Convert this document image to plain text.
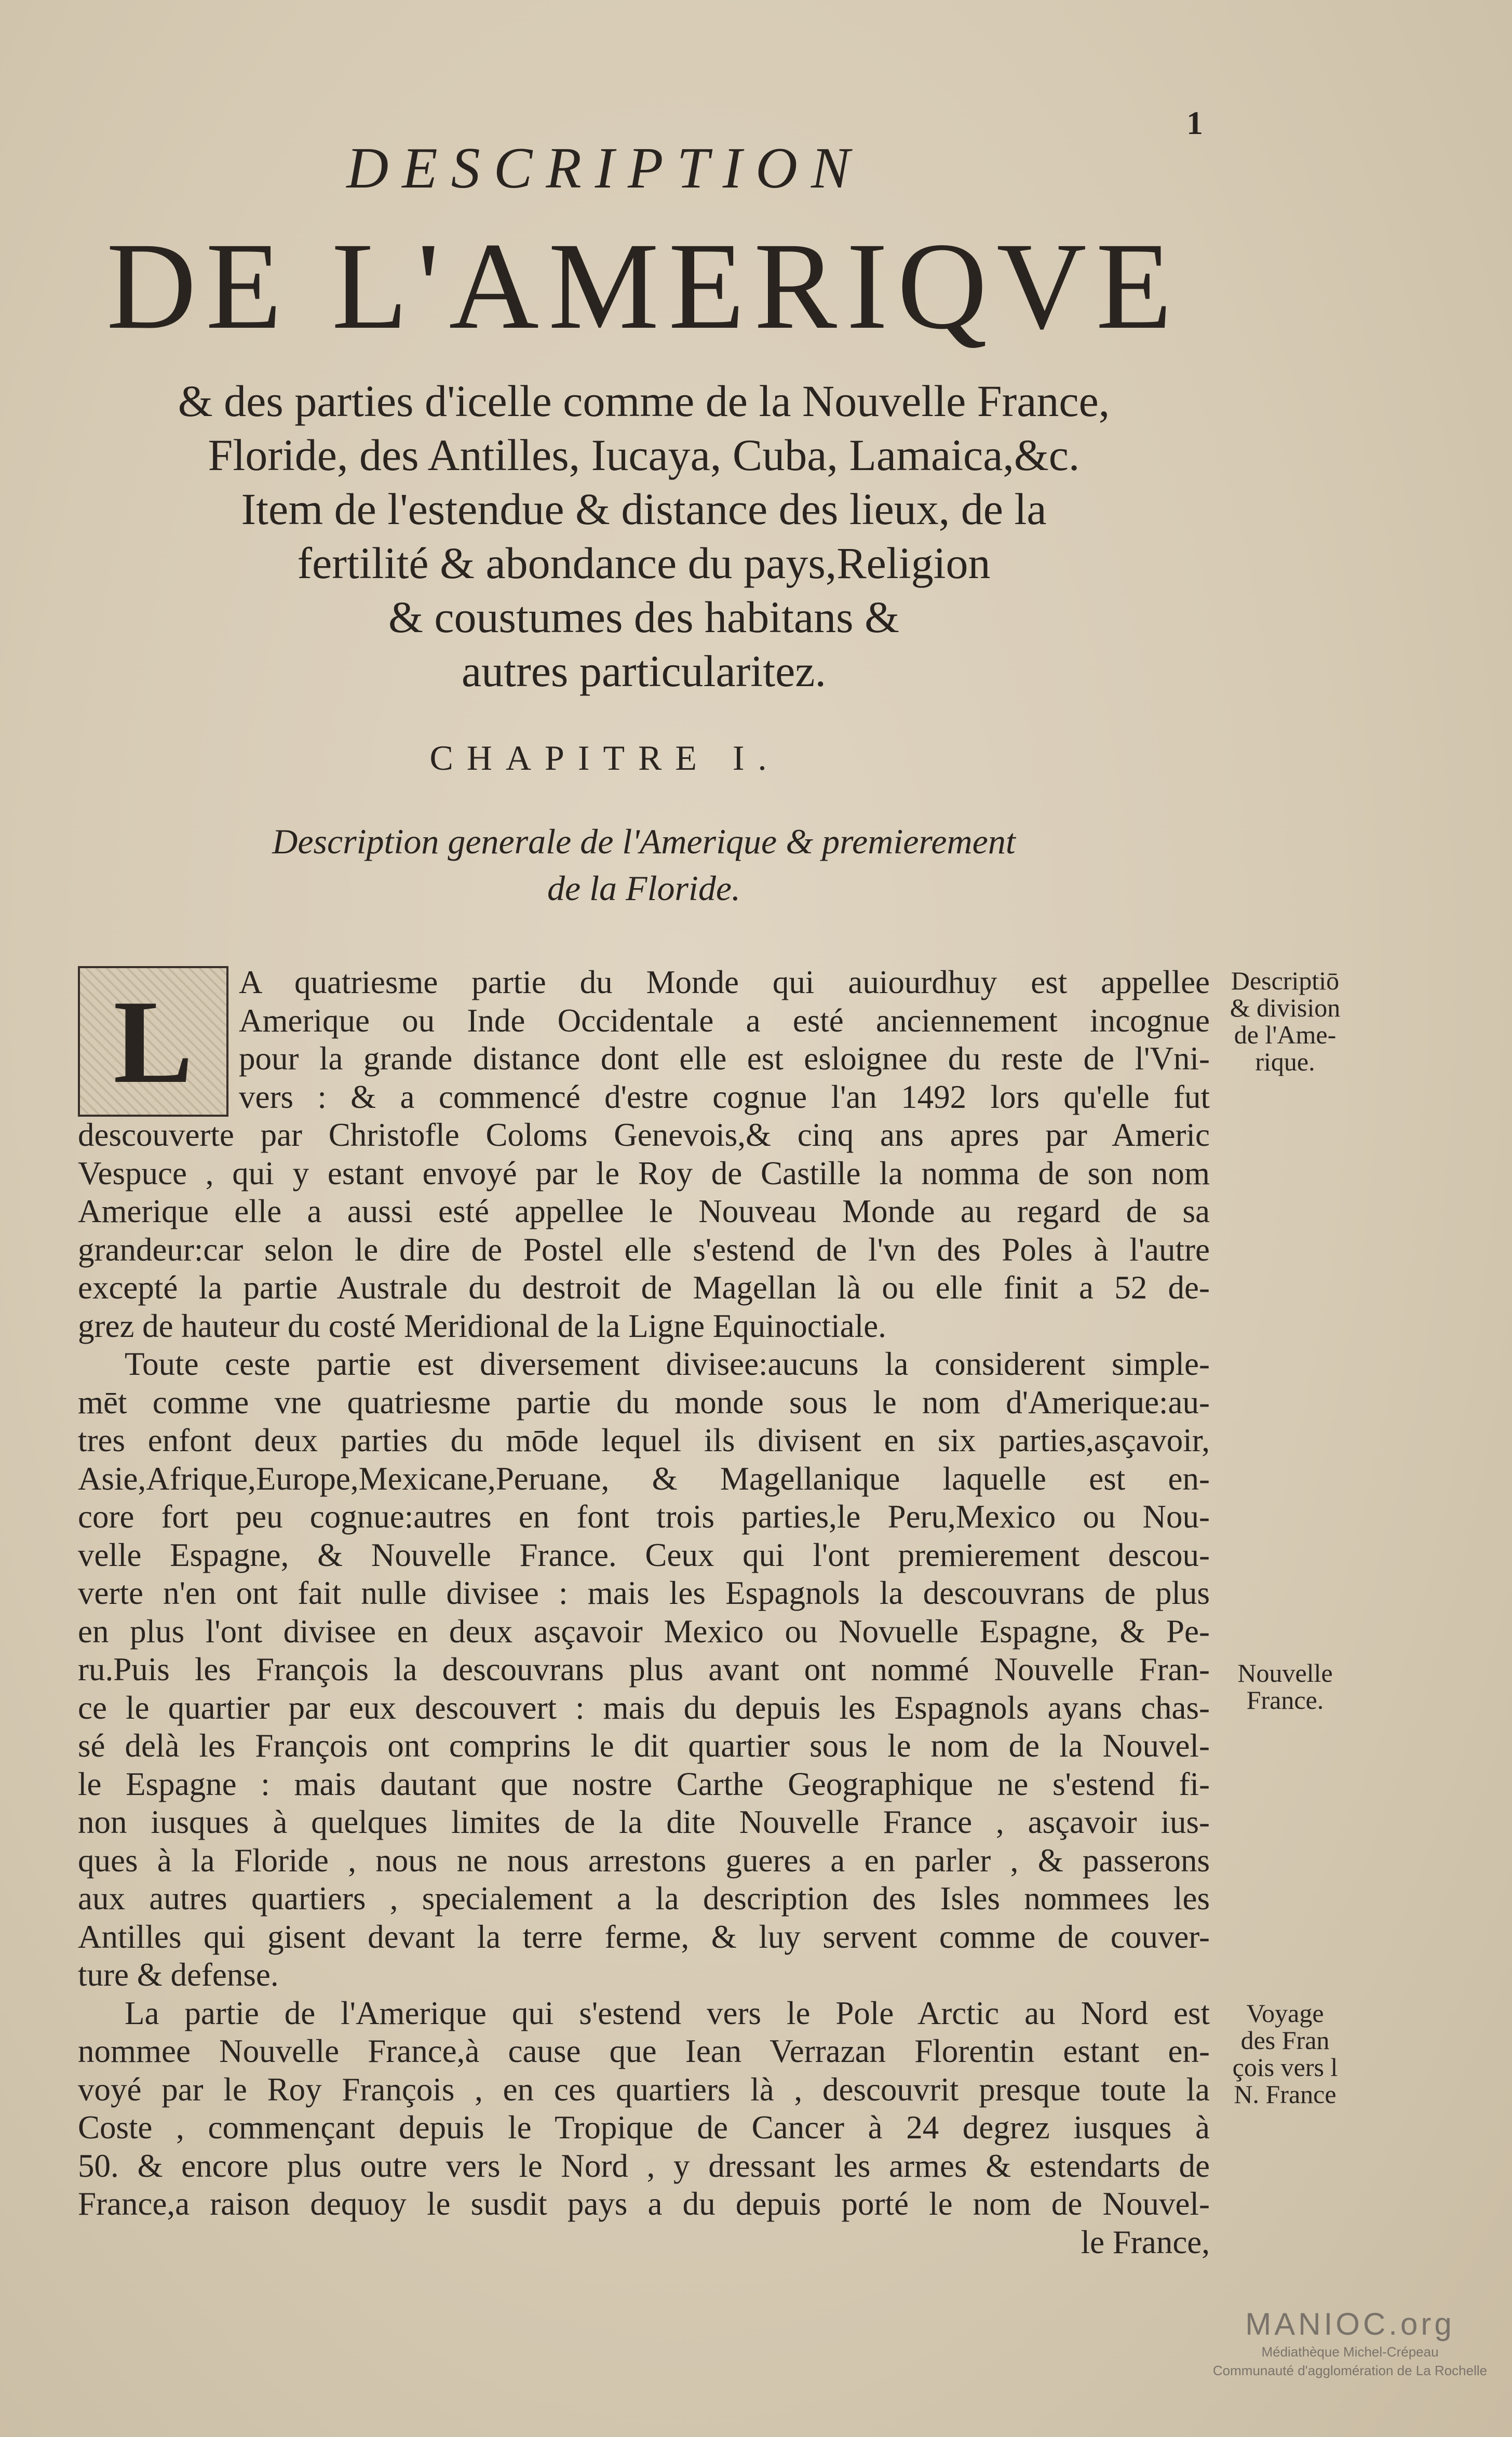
1
DESCRIPTION
DE L'AMERIQVE
& des parties d'icelle comme de la Nouvelle France,
Floride, des Antilles, Iucaya, Cuba, Lamaica,&c.
Item de l'estendue & distance des lieux, de la
fertilité & abondance du pays,Religion
& coustumes des habitans &
autres particularitez.
CHAPITRE I.
Description generale de l'Amerique & premierement
de la Floride.
L	A quatriesme partie du Monde qui auiourdhuy est appellee
Amerique ou Inde Occidentale a esté anciennement incognue
pour la grande distance dont elle est esloignee du reste de l'Vni-
vers : & a commencé d'estre cognue l'an 1492 lors qu'elle fut
descouverte par Christofle Coloms Genevois,& cinq ans apres par Americ
Vespuce , qui y estant envoyé par le Roy de Castille la nomma de son nom
Amerique elle a aussi esté appellee le Nouveau Monde au regard de sa
grandeur:car selon le dire de Postel elle s'estend de l'vn des Poles à l'autre
excepté la partie Australe du destroit de Magellan là ou elle finit a 52 de-
grez de hauteur du costé Meridional de la Ligne Equinoctiale.
Toute ceste partie est diversement divisee:aucuns la considerent simple-
mēt comme vne quatriesme partie du monde sous le nom d'Amerique:au-
tres enfont deux parties du mōde lequel ils divisent en six parties,asçavoir,
Asie,Afrique,Europe,Mexicane,Peruane, & Magellanique laquelle est en-
core fort peu cognue:autres en font trois parties,le Peru,Mexico ou Nou-
velle Espagne, & Nouvelle France. Ceux qui l'ont premierement descou-
verte n'en ont fait nulle divisee : mais les Espagnols la descouvrans de plus
en plus l'ont divisee en deux asçavoir Mexico ou Novuelle Espagne, & Pe-
ru.Puis les François la descouvrans plus avant ont nommé Nouvelle Fran-
ce le quartier par eux descouvert : mais du depuis les Espagnols ayans chas-
sé delà les François ont comprins le dit quartier sous le nom de la Nouvel-
le Espagne : mais dautant que nostre Carthe Geographique ne s'estend fi-
non iusques à quelques limites de la dite Nouvelle France , asçavoir ius-
ques à la Floride , nous ne nous arrestons gueres a en parler , & passerons
aux autres quartiers , specialement a la description des Isles nommees les
Antilles qui gisent devant la terre ferme, & luy servent comme de couver-
ture & defense.
La partie de l'Amerique qui s'estend vers le Pole Arctic au Nord est
nommee Nouvelle France,à cause que Iean Verrazan Florentin estant en-
voyé par le Roy François , en ces quartiers là , descouvrit presque toute la
Coste , commençant depuis le Tropique de Cancer à 24 degrez iusques à
50. & encore plus outre vers le Nord , y dressant les armes & estendarts de
France,a raison dequoy le susdit pays a du depuis porté le nom de Nouvel-
le France,
Descriptiō
& division
de l'Ame-
rique.
Nouvelle
France.
Voyage
des Fran
çois vers l
N. France
MANIOC.org
Médiathèque Michel-Crépeau
Communauté d'agglomération de La Rochelle
